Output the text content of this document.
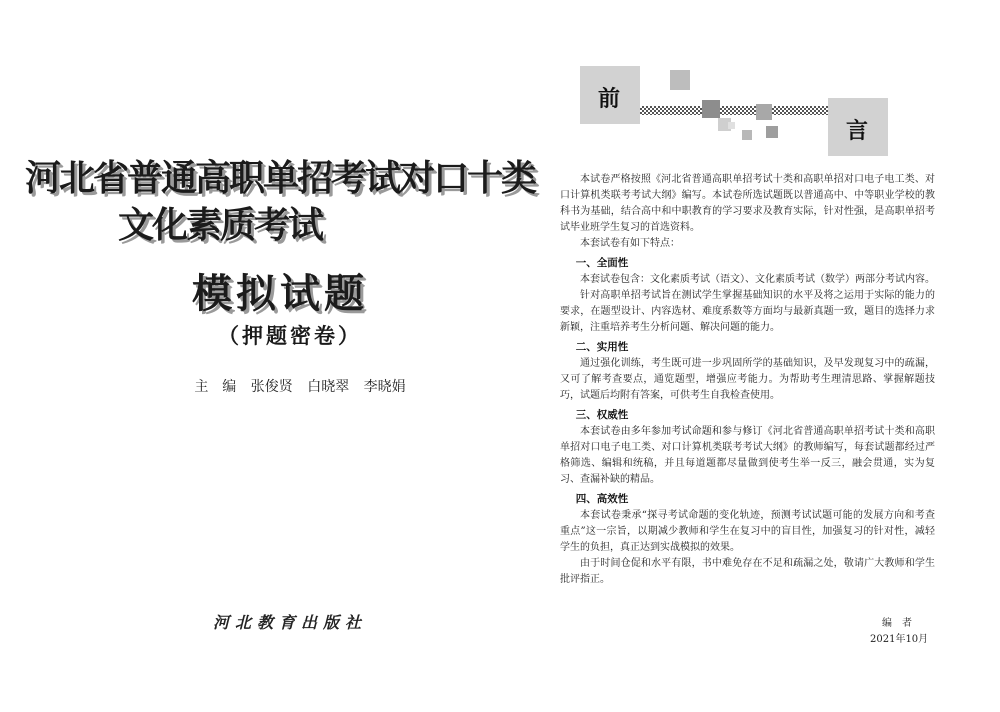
河北省普通高职单招考试对口十类
文化素质考试
模拟试题
（押题密卷）
主　编 张俊贤 白晓翠 李晓娟
河北教育出版社
前
言

本试卷严格按照《河北省普通高职单招考试十类和高职单招对口电子电工类、对口计算机类联考考试大纲》编写。本试卷所选试题既以普通高中、中等职业学校的教科书为基础，结合高中和中职教育的学习要求及教育实际，针对性强，是高职单招考试毕业班学生复习的首选资料。

本套试卷有如下特点：

一、全面性

本套试卷包含：文化素质考试（语文）、文化素质考试（数学）两部分考试内容。

针对高职单招考试旨在测试学生掌握基础知识的水平及将之运用于实际的能力的要求，在题型设计、内容选材、难度系数等方面均与最新真题一致，题目的选择力求新颖，注重培养考生分析问题、解决问题的能力。

二、实用性

通过强化训练，考生既可进一步巩固所学的基础知识，及早发现复习中的疏漏，又可了解考查要点，通览题型，增强应考能力。为帮助考生理清思路、掌握解题技巧，试题后均附有答案，可供考生自我检查使用。

三、权威性

本套试卷由多年参加考试命题和参与修订《河北省普通高职单招考试十类和高职单招对口电子电工类、对口计算机类联考考试大纲》的教师编写，每套试题都经过严格筛选、编辑和统稿，并且每道题都尽量做到使考生举一反三，融会贯通，实为复习、查漏补缺的精品。

四、高效性

本套试卷秉承“探寻考试命题的变化轨迹，预测考试试题可能的发展方向和考查重点”这一宗旨，以期减少教师和学生在复习中的盲目性，加强复习的针对性，减轻学生的负担，真正达到实战模拟的效果。

由于时间仓促和水平有限，书中难免存在不足和疏漏之处，敬请广大教师和学生批评指正。

编　者
2021年10月
